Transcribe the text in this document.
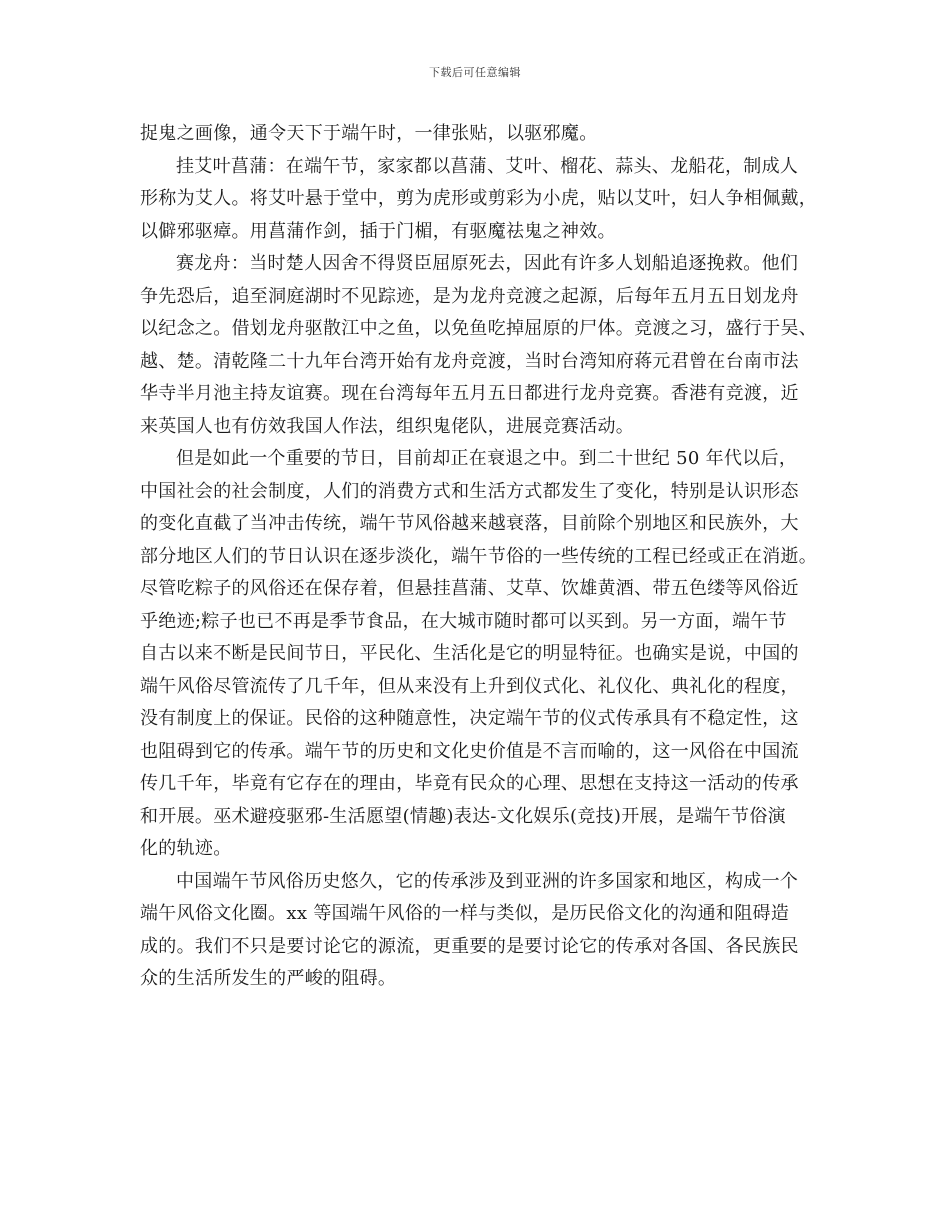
下载后可任意编辑
捉鬼之画像，通令天下于端午时，一律张贴，以驱邪魔。
挂艾叶菖蒲：在端午节，家家都以菖蒲、艾叶、榴花、蒜头、龙船花，制成人
形称为艾人。将艾叶悬于堂中，剪为虎形或剪彩为小虎，贴以艾叶，妇人争相佩戴，
以僻邪驱瘴。用菖蒲作剑，插于门楣，有驱魔祛鬼之神效。
赛龙舟：当时楚人因舍不得贤臣屈原死去，因此有许多人划船追逐挽救。他们
争先恐后，追至洞庭湖时不见踪迹，是为龙舟竞渡之起源，后每年五月五日划龙舟
以纪念之。借划龙舟驱散江中之鱼，以免鱼吃掉屈原的尸体。竞渡之习，盛行于吴、
越、楚。清乾隆二十九年台湾开始有龙舟竞渡，当时台湾知府蒋元君曾在台南市法
华寺半月池主持友谊赛。现在台湾每年五月五日都进行龙舟竞赛。香港有竞渡，近
来英国人也有仿效我国人作法，组织鬼佬队，进展竞赛活动。
但是如此一个重要的节日，目前却正在衰退之中。到二十世纪 50 年代以后，
中国社会的社会制度，人们的消费方式和生活方式都发生了变化，特别是认识形态
的变化直截了当冲击传统，端午节风俗越来越衰落，目前除个别地区和民族外，大
部分地区人们的节日认识在逐步淡化，端午节俗的一些传统的工程已经或正在消逝。
尽管吃粽子的风俗还在保存着，但悬挂菖蒲、艾草、饮雄黄酒、带五色缕等风俗近
乎绝迹;粽子也已不再是季节食品，在大城市随时都可以买到。另一方面，端午节
自古以来不断是民间节日，平民化、生活化是它的明显特征。也确实是说，中国的
端午风俗尽管流传了几千年，但从来没有上升到仪式化、礼仪化、典礼化的程度，
没有制度上的保证。民俗的这种随意性，决定端午节的仪式传承具有不稳定性，这
也阻碍到它的传承。端午节的历史和文化史价值是不言而喻的，这一风俗在中国流
传几千年，毕竟有它存在的理由，毕竟有民众的心理、思想在支持这一活动的传承
和开展。巫术避疫驱邪-生活愿望(情趣)表达-文化娱乐(竞技)开展，是端午节俗演
化的轨迹。
中国端午节风俗历史悠久，它的传承涉及到亚洲的许多国家和地区，构成一个
端午风俗文化圈。xx 等国端午风俗的一样与类似，是历民俗文化的沟通和阻碍造
成的。我们不只是要讨论它的源流，更重要的是要讨论它的传承对各国、各民族民
众的生活所发生的严峻的阻碍。
